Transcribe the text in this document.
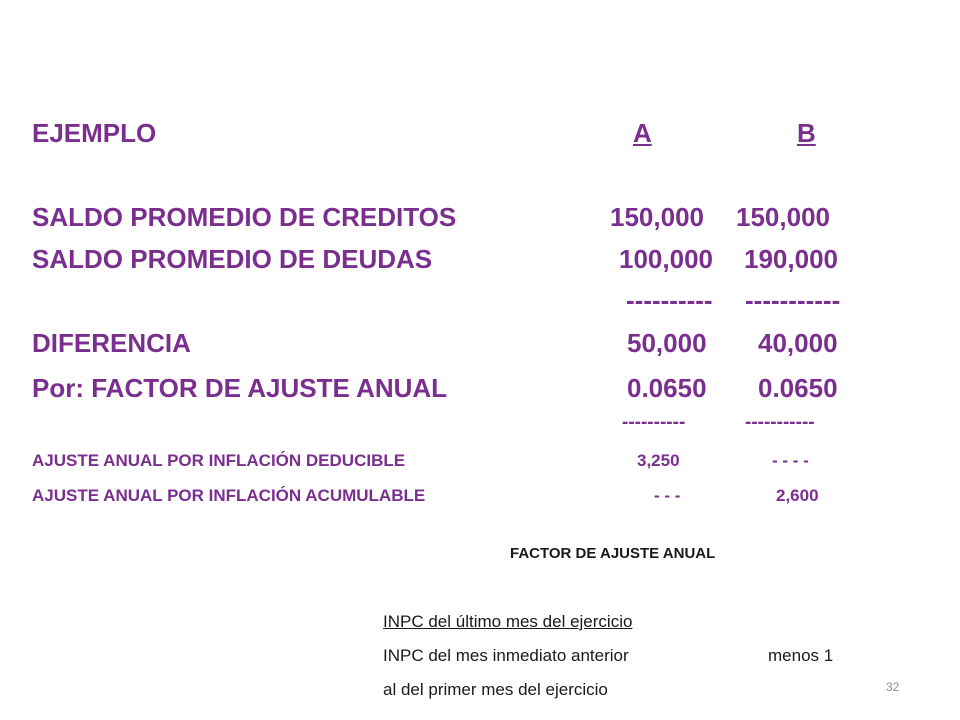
EJEMPLO	A	B
SALDO PROMEDIO DE CREDITOS	150,000 150,000
SALDO PROMEDIO DE DEUDAS	100,000 190,000
---------- -----------
DIFERENCIA	50,000 40,000
Por: FACTOR DE AJUSTE ANUAL	0.0650 0.0650
----------	-----------
AJUSTE ANUAL POR INFLACIÓN DEDUCIBLE	3,250	- - - -
AJUSTE ANUAL POR INFLACIÓN ACUMULABLE	- - -	2,600
FACTOR DE AJUSTE ANUAL
INPC del último mes del ejercicio
INPC del mes inmediato anterior	menos 1
al del primer mes del ejercicio	32
